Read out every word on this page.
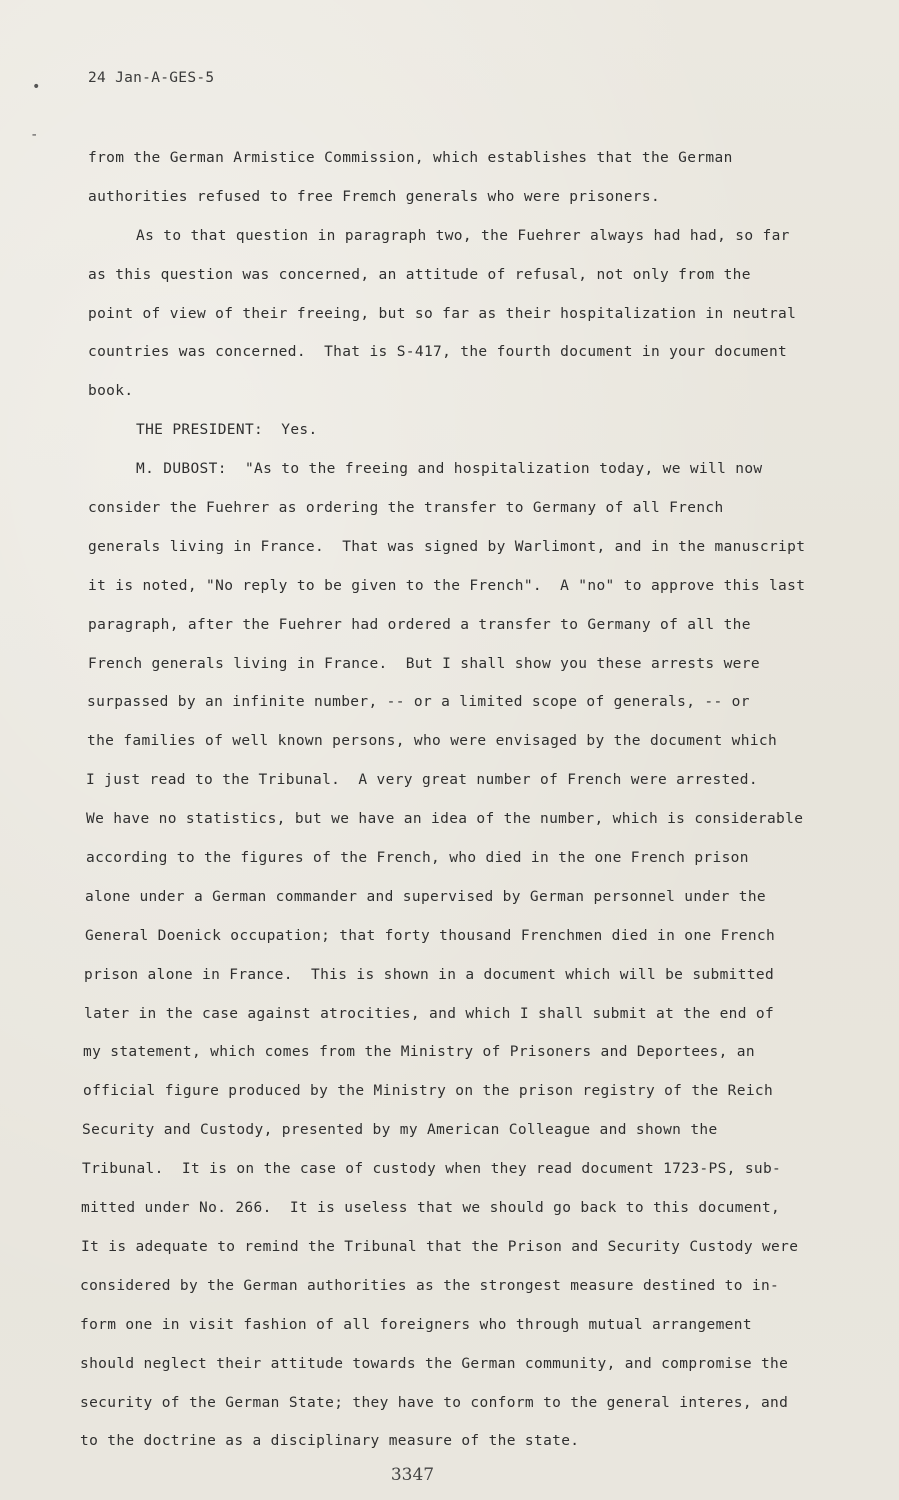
•
‐
24 Jan-A-GES-5
from the German Armistice Commission, which establishes that the German
authorities refused to free Fremch generals who were prisoners.
As to that question in paragraph two, the Fuehrer always had had, so far
as this question was concerned, an attitude of refusal, not only from the
point of view of their freeing, but so far as their hospitalization in neutral
countries was concerned.  That is S-417, the fourth document in your document
book.
THE PRESIDENT:  Yes.
M. DUBOST:  "As to the freeing and hospitalization today, we will now
consider the Fuehrer as ordering the transfer to Germany of all French
generals living in France.  That was signed by Warlimont, and in the manuscript
it is noted, "No reply to be given to the French".  A "no" to approve this last
paragraph, after the Fuehrer had ordered a transfer to Germany of all the
French generals living in France.  But I shall show you these arrests were
surpassed by an infinite number, -- or a limited scope of generals, -- or
the families of well known persons, who were envisaged by the document which
I just read to the Tribunal.  A very great number of French were arrested.
We have no statistics, but we have an idea of the number, which is considerable
according to the figures of the French, who died in the one French prison
alone under a German commander and supervised by German personnel under the
General Doenick occupation; that forty thousand Frenchmen died in one French
prison alone in France.  This is shown in a document which will be submitted
later in the case against atrocities, and which I shall submit at the end of
my statement, which comes from the Ministry of Prisoners and Deportees, an
official figure produced by the Ministry on the prison registry of the Reich
Security and Custody, presented by my American Colleague and shown the
Tribunal.  It is on the case of custody when they read document 1723-PS, sub-
mitted under No. 266.  It is useless that we should go back to this document,
It is adequate to remind the Tribunal that the Prison and Security Custody were
considered by the German authorities as the strongest measure destined to in-
form one in visit fashion of all foreigners who through mutual arrangement
should neglect their attitude towards the German community, and compromise the
security of the German State; they have to conform to the general interes, and
to the doctrine as a disciplinary measure of the state.
3347
